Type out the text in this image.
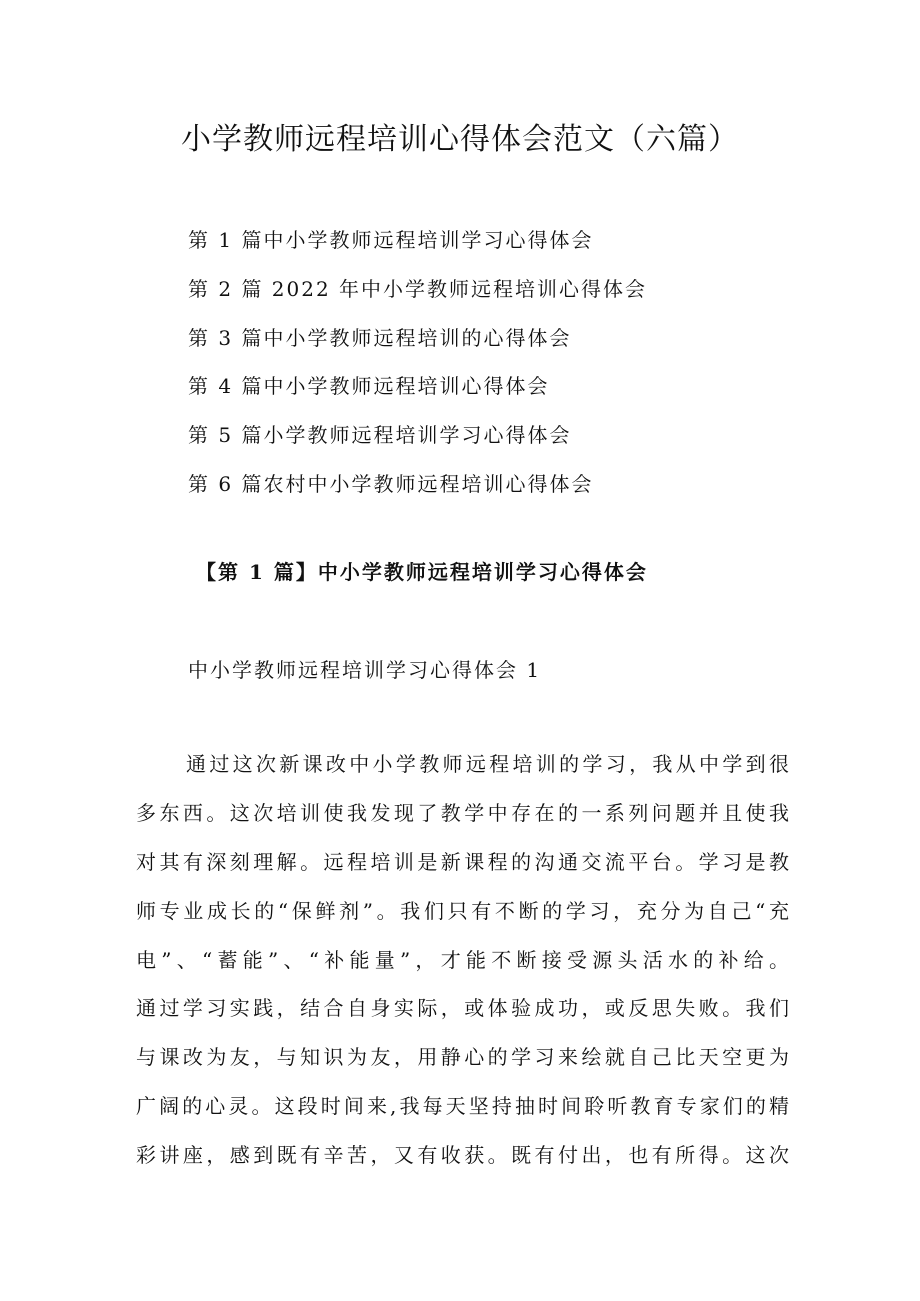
小学教师远程培训心得体会范文（六篇）
第 1 篇中小学教师远程培训学习心得体会
第 2 篇 2022 年中小学教师远程培训心得体会
第 3 篇中小学教师远程培训的心得体会
第 4 篇中小学教师远程培训心得体会
第 5 篇小学教师远程培训学习心得体会
第 6 篇农村中小学教师远程培训心得体会
【第 1 篇】中小学教师远程培训学习心得体会

中小学教师远程培训学习心得体会 1

通过这次新课改中小学教师远程培训的学习，我从中学到很
多东西。这次培训使我发现了教学中存在的一系列问题并且使我
对其有深刻理解。远程培训是新课程的沟通交流平台。学习是教
师专业成长的“保鲜剂”。我们只有不断的学习，充分为自己“充
电”、“蓄能”、“补能量”，才能不断接受源头活水的补给。
通过学习实践，结合自身实际，或体验成功，或反思失败。我们
与课改为友，与知识为友，用静心的学习来绘就自己比天空更为
广阔的心灵。这段时间来,我每天坚持抽时间聆听教育专家们的精
彩讲座，感到既有辛苦，又有收获。既有付出，也有所得。这次
